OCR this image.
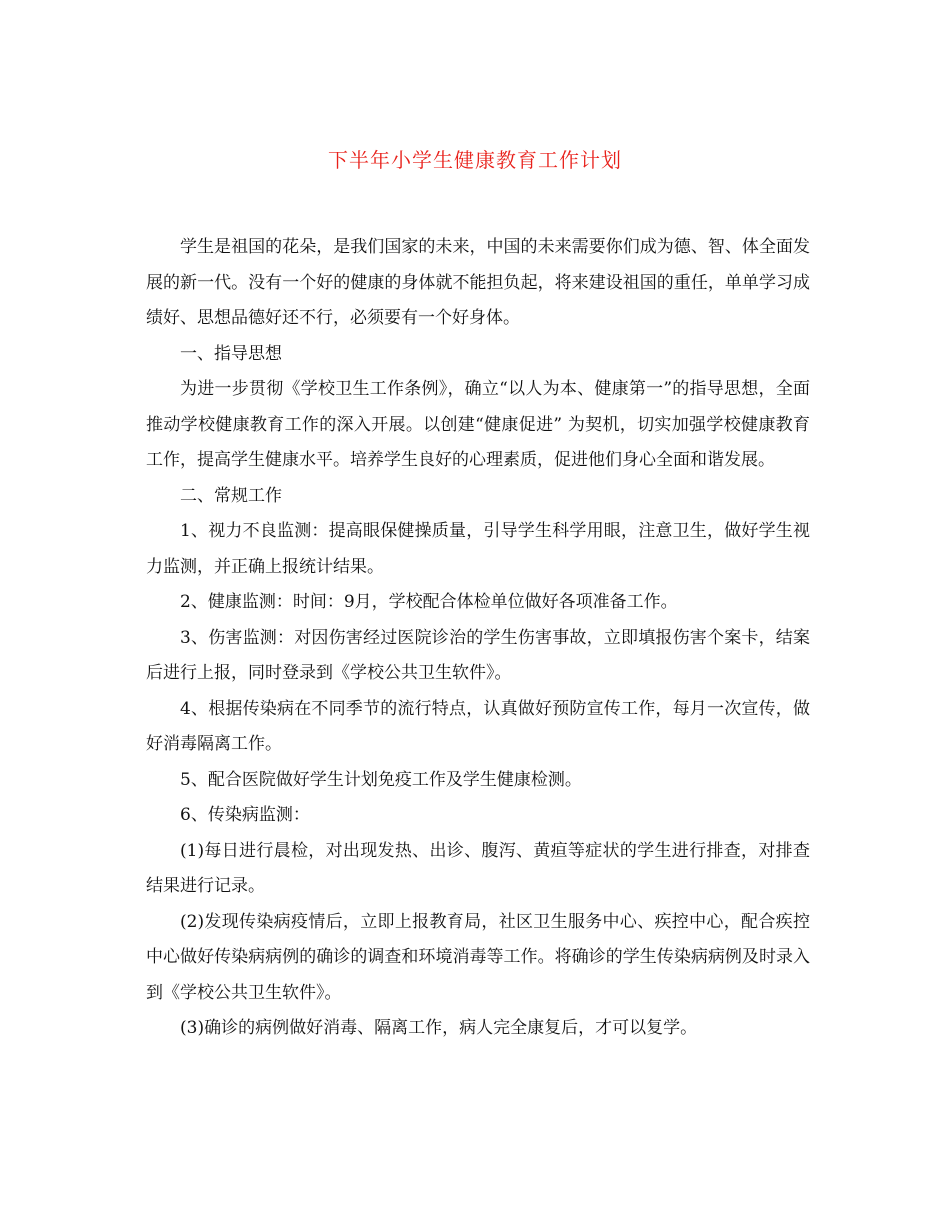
下半年小学生健康教育工作计划

学生是祖国的花朵，是我们国家的未来，中国的未来需要你们成为德、智、体全面发展的新一代。没有一个好的健康的身体就不能担负起，将来建设祖国的重任，单单学习成绩好、思想品德好还不行，必须要有一个好身体。

一、指导思想

为进一步贯彻《学校卫生工作条例》，确立“以人为本、健康第一”的指导思想，全面推动学校健康教育工作的深入开展。以创建“健康促进” 为契机，切实加强学校健康教育工作，提高学生健康水平。培养学生良好的心理素质，促进他们身心全面和谐发展。

二、常规工作

1、视力不良监测：提高眼保健操质量，引导学生科学用眼，注意卫生，做好学生视力监测，并正确上报统计结果。

2、健康监测：时间：9月，学校配合体检单位做好各项准备工作。

3、伤害监测：对因伤害经过医院诊治的学生伤害事故，立即填报伤害个案卡，结案后进行上报，同时登录到《学校公共卫生软件》。

4、根据传染病在不同季节的流行特点，认真做好预防宣传工作，每月一次宣传，做好消毒隔离工作。

5、配合医院做好学生计划免疫工作及学生健康检测。

6、传染病监测：

(1)每日进行晨检，对出现发热、出诊、腹泻、黄疸等症状的学生进行排查，对排查结果进行记录。

(2)发现传染病疫情后，立即上报教育局，社区卫生服务中心、疾控中心，配合疾控中心做好传染病病例的确诊的调查和环境消毒等工作。将确诊的学生传染病病例及时录入到《学校公共卫生软件》。

(3)确诊的病例做好消毒、隔离工作，病人完全康复后，才可以复学。
